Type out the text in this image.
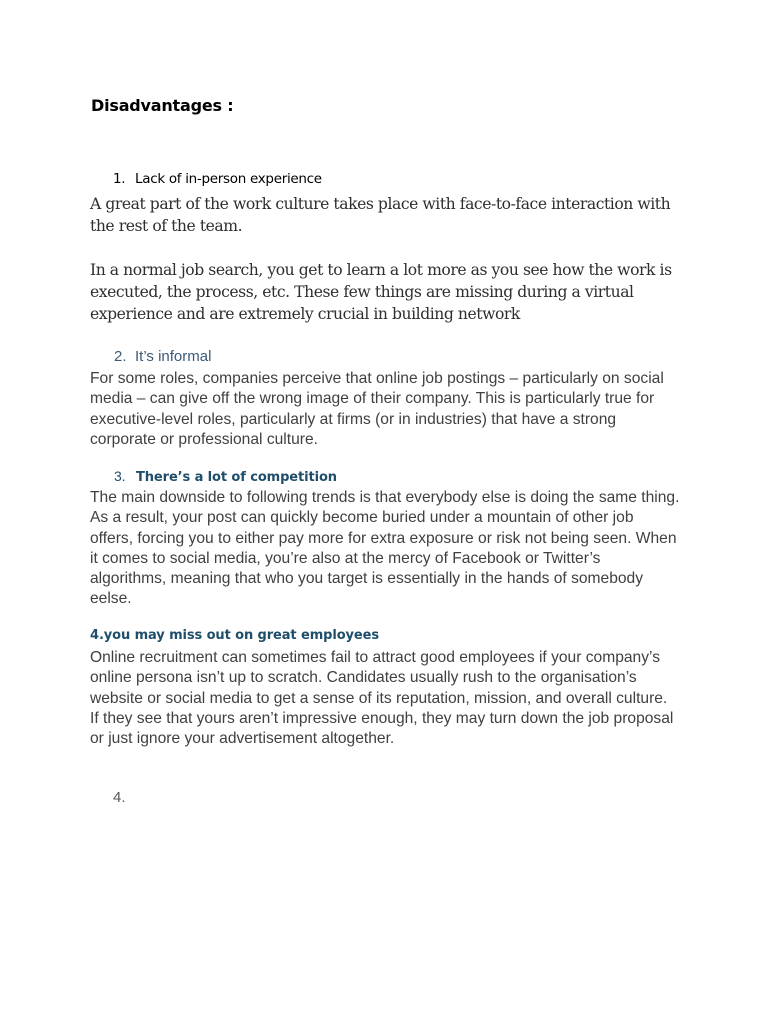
Disadvantages :
1. Lack of in-person experience

A great part of the work culture takes place with face-to-face interaction with the rest of the team.

In a normal job search, you get to learn a lot more as you see how the work is executed, the process, etc. These few things are missing during a virtual experience and are extremely crucial in building network

2. It’s informal

For some roles, companies perceive that online job postings – particularly on social media – can give off the wrong image of their company. This is particularly true for executive-level roles, particularly at firms (or in industries) that have a strong corporate or professional culture.

3. There’s a lot of competition

The main downside to following trends is that everybody else is doing the same thing. As a result, your post can quickly become buried under a mountain of other job offers, forcing you to either pay more for extra exposure or risk not being seen. When it comes to social media, you’re also at the mercy of Facebook or Twitter’s algorithms, meaning that who you target is essentially in the hands of somebody eelse.

4.you may miss out on great employees

Online recruitment can sometimes fail to attract good employees if your company’s online persona isn’t up to scratch. Candidates usually rush to the organisation’s website or social media to get a sense of its reputation, mission, and overall culture. If they see that yours aren’t impressive enough, they may turn down the job proposal or just ignore your advertisement altogether.

4.
